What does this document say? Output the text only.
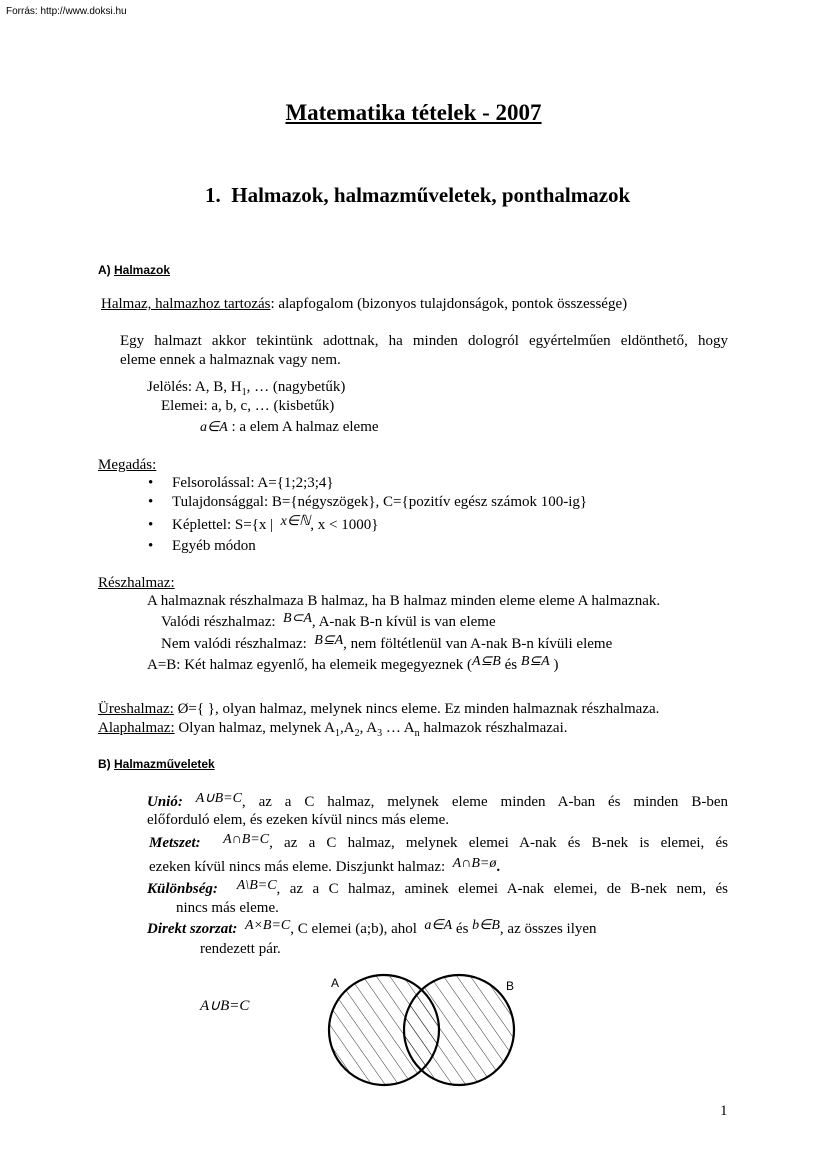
Forrás: http://www.doksi.hu
Matematika tételek - 2007
1. Halmazok, halmazműveletek, ponthalmazok
A) Halmazok
Halmaz, halmazhoz tartozás: alapfogalom (bizonyos tulajdonságok, pontok összessége)
Egy halmazt akkor tekintünk adottnak, ha minden dologról egyértelműen eldönthető, hogy
eleme ennek a halmaznak vagy nem.
Jelölés: A, B, $H_1$, … (nagybetűk)
Elemei: a, b, c, … (kisbetűk)
a∈A : a elem A halmaz eleme
Megadás:
• Felsorolással: A={1;2;3;4}
• Tulajdonsággal: B={négyszögek}, C={pozitív egész számok 100-ig}
• Képlettel: S={x | x∈ℕ, x < 1000}
• Egyéb módon
Részhalmaz:
A halmaznak részhalmaza B halmaz, ha B halmaz minden eleme eleme A halmaznak.
Valódi részhalmaz: B⊂A, A-nak B-n kívül is van eleme
Nem valódi részhalmaz: B⊆A, nem föltétlenül van A-nak B-n kívüli eleme
A=B: Két halmaz egyenlő, ha elemeik megegyeznek (A⊆B és B⊆A )
Üreshalmaz: Ø={ }, olyan halmaz, melynek nincs eleme. Ez minden halmaznak részhalmaza.
Alaphalmaz: Olyan halmaz, melynek $A_1,A_2$, $A_3$ … $A_n$ halmazok részhalmazai.
B) Halmazműveletek
Unió: A∪B=C, az a C halmaz, melynek eleme minden A-ban és minden B-ben
előforduló elem, és ezeken kívül nincs más eleme.
Metszet: A∩B=C, az a C halmaz, melynek elemei A-nak és B-nek is elemei, és
ezeken kívül nincs más eleme. Diszjunkt halmaz: A∩B=ø.
Különbség: A\B=C, az a C halmaz, aminek elemei A-nak elemei, de B-nek nem, és
nincs más eleme.
Direkt szorzat: A×B=C, C elemei (a;b), ahol a∈A és b∈B, az összes ilyen
rendezett pár.
A∪B=C
A	B
1
